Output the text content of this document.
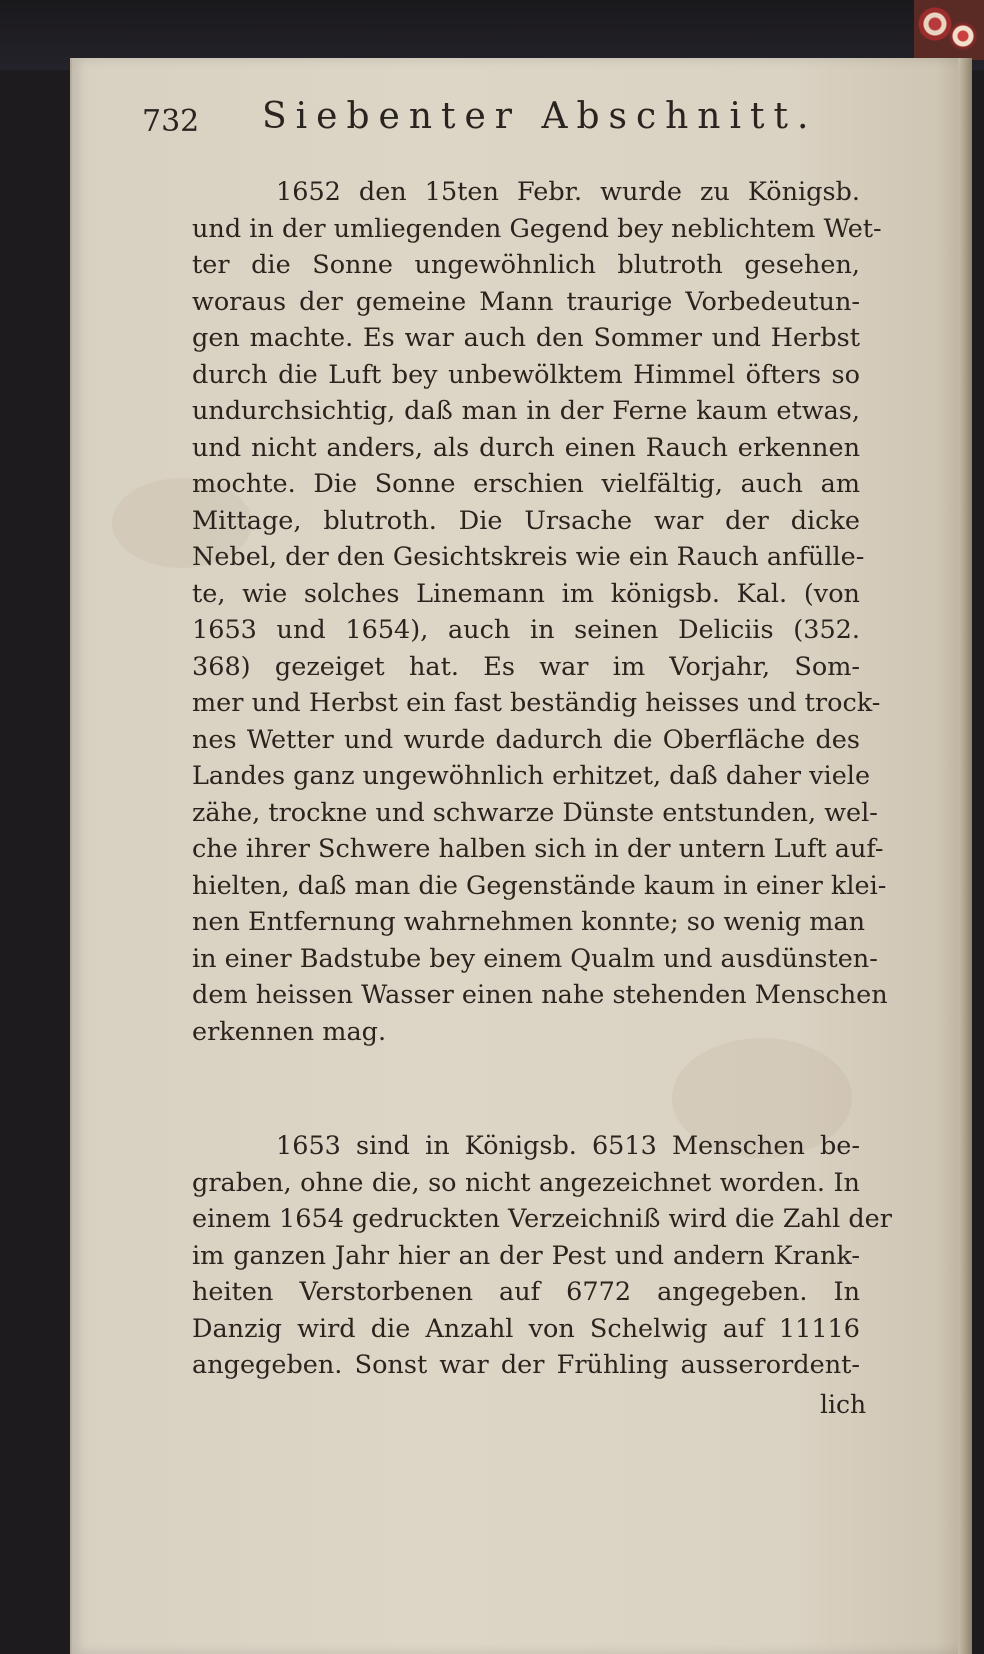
732 Siebenter Abschnitt.
1652 den 15ten Febr. wurde zu Königsb.
und in der umliegenden Gegend bey neblichtem Wet-
ter die Sonne ungewöhnlich blutroth gesehen,
woraus der gemeine Mann traurige Vorbedeutun-
gen machte. Es war auch den Sommer und Herbst
durch die Luft bey unbewölktem Himmel öfters so
undurchsichtig, daß man in der Ferne kaum etwas,
und nicht anders, als durch einen Rauch erkennen
mochte. Die Sonne erschien vielfältig, auch am
Mittage, blutroth. Die Ursache war der dicke
Nebel, der den Gesichtskreis wie ein Rauch anfülle-
te, wie solches Linemann im königsb. Kal. (von
1653 und 1654), auch in seinen Deliciis (352.
368) gezeiget hat. Es war im Vorjahr, Som-
mer und Herbst ein fast beständig heisses und trock-
nes Wetter und wurde dadurch die Oberfläche des
Landes ganz ungewöhnlich erhitzet, daß daher viele
zähe, trockne und schwarze Dünste entstunden, wel-
che ihrer Schwere halben sich in der untern Luft auf-
hielten, daß man die Gegenstände kaum in einer klei-
nen Entfernung wahrnehmen konnte; so wenig man
in einer Badstube bey einem Qualm und ausdünsten-
dem heissen Wasser einen nahe stehenden Menschen
erkennen mag.
1653 sind in Königsb. 6513 Menschen be-
graben, ohne die, so nicht angezeichnet worden. In
einem 1654 gedruckten Verzeichniß wird die Zahl der
im ganzen Jahr hier an der Pest und andern Krank-
heiten Verstorbenen auf 6772 angegeben. In
Danzig wird die Anzahl von Schelwig auf 11116
angegeben. Sonst war der Frühling ausserordent-
lich
